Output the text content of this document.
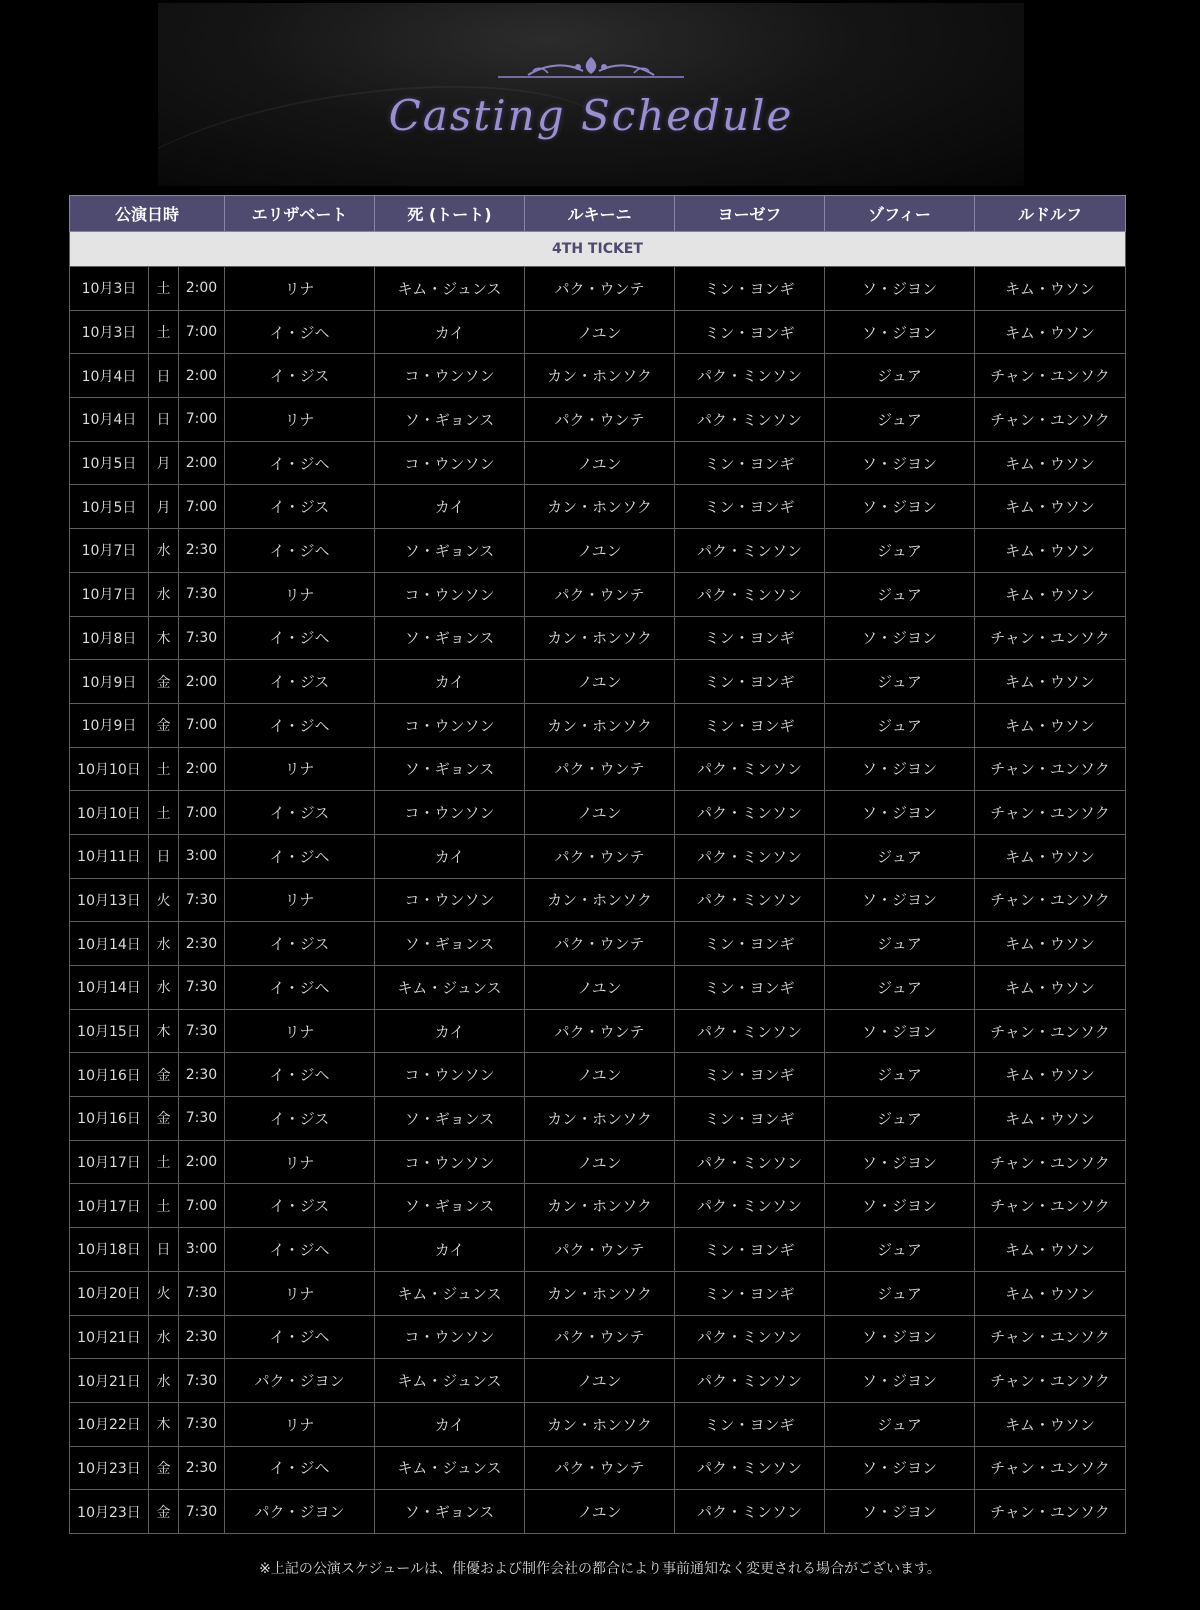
Casting Schedule
公演日時			エリザベート	死 (トート)	ルキーニ	ヨーゼフ	ゾフィー	ルドルフ
4TH TICKET								
10月3日	土	2:00	リナ	キム・ジュンス	パク・ウンテ	ミン・ヨンギ	ソ・ジヨン	キム・ウソン
10月3日	土	7:00	イ・ジヘ	カイ	ノユン	ミン・ヨンギ	ソ・ジヨン	キム・ウソン
10月4日	日	2:00	イ・ジス	コ・ウンソン	カン・ホンソク	パク・ミンソン	ジュア	チャン・ユンソク
10月4日	日	7:00	リナ	ソ・ギョンス	パク・ウンテ	パク・ミンソン	ジュア	チャン・ユンソク
10月5日	月	2:00	イ・ジヘ	コ・ウンソン	ノユン	ミン・ヨンギ	ソ・ジヨン	キム・ウソン
10月5日	月	7:00	イ・ジス	カイ	カン・ホンソク	ミン・ヨンギ	ソ・ジヨン	キム・ウソン
10月7日	水	2:30	イ・ジヘ	ソ・ギョンス	ノユン	パク・ミンソン	ジュア	キム・ウソン
10月7日	水	7:30	リナ	コ・ウンソン	パク・ウンテ	パク・ミンソン	ジュア	キム・ウソン
10月8日	木	7:30	イ・ジヘ	ソ・ギョンス	カン・ホンソク	ミン・ヨンギ	ソ・ジヨン	チャン・ユンソク
10月9日	金	2:00	イ・ジス	カイ	ノユン	ミン・ヨンギ	ジュア	キム・ウソン
10月9日	金	7:00	イ・ジヘ	コ・ウンソン	カン・ホンソク	ミン・ヨンギ	ジュア	キム・ウソン
10月10日	土	2:00	リナ	ソ・ギョンス	パク・ウンテ	パク・ミンソン	ソ・ジヨン	チャン・ユンソク
10月10日	土	7:00	イ・ジス	コ・ウンソン	ノユン	パク・ミンソン	ソ・ジヨン	チャン・ユンソク
10月11日	日	3:00	イ・ジヘ	カイ	パク・ウンテ	パク・ミンソン	ジュア	キム・ウソン
10月13日	火	7:30	リナ	コ・ウンソン	カン・ホンソク	パク・ミンソン	ソ・ジヨン	チャン・ユンソク
10月14日	水	2:30	イ・ジス	ソ・ギョンス	パク・ウンテ	ミン・ヨンギ	ジュア	キム・ウソン
10月14日	水	7:30	イ・ジヘ	キム・ジュンス	ノユン	ミン・ヨンギ	ジュア	キム・ウソン
10月15日	木	7:30	リナ	カイ	パク・ウンテ	パク・ミンソン	ソ・ジヨン	チャン・ユンソク
10月16日	金	2:30	イ・ジヘ	コ・ウンソン	ノユン	ミン・ヨンギ	ジュア	キム・ウソン
10月16日	金	7:30	イ・ジス	ソ・ギョンス	カン・ホンソク	ミン・ヨンギ	ジュア	キム・ウソン
10月17日	土	2:00	リナ	コ・ウンソン	ノユン	パク・ミンソン	ソ・ジヨン	チャン・ユンソク
10月17日	土	7:00	イ・ジス	ソ・ギョンス	カン・ホンソク	パク・ミンソン	ソ・ジヨン	チャン・ユンソク
10月18日	日	3:00	イ・ジヘ	カイ	パク・ウンテ	ミン・ヨンギ	ジュア	キム・ウソン
10月20日	火	7:30	リナ	キム・ジュンス	カン・ホンソク	ミン・ヨンギ	ジュア	キム・ウソン
10月21日	水	2:30	イ・ジヘ	コ・ウンソン	パク・ウンテ	パク・ミンソン	ソ・ジヨン	チャン・ユンソク
10月21日	水	7:30	パク・ジヨン	キム・ジュンス	ノユン	パク・ミンソン	ソ・ジヨン	チャン・ユンソク
10月22日	木	7:30	リナ	カイ	カン・ホンソク	ミン・ヨンギ	ジュア	キム・ウソン
10月23日	金	2:30	イ・ジヘ	キム・ジュンス	パク・ウンテ	パク・ミンソン	ソ・ジヨン	チャン・ユンソク
10月23日	金	7:30	パク・ジヨン	ソ・ギョンス	ノユン	パク・ミンソン	ソ・ジヨン	チャン・ユンソク
※上記の公演スケジュールは、俳優および制作会社の都合により事前通知なく変更される場合がございます。
